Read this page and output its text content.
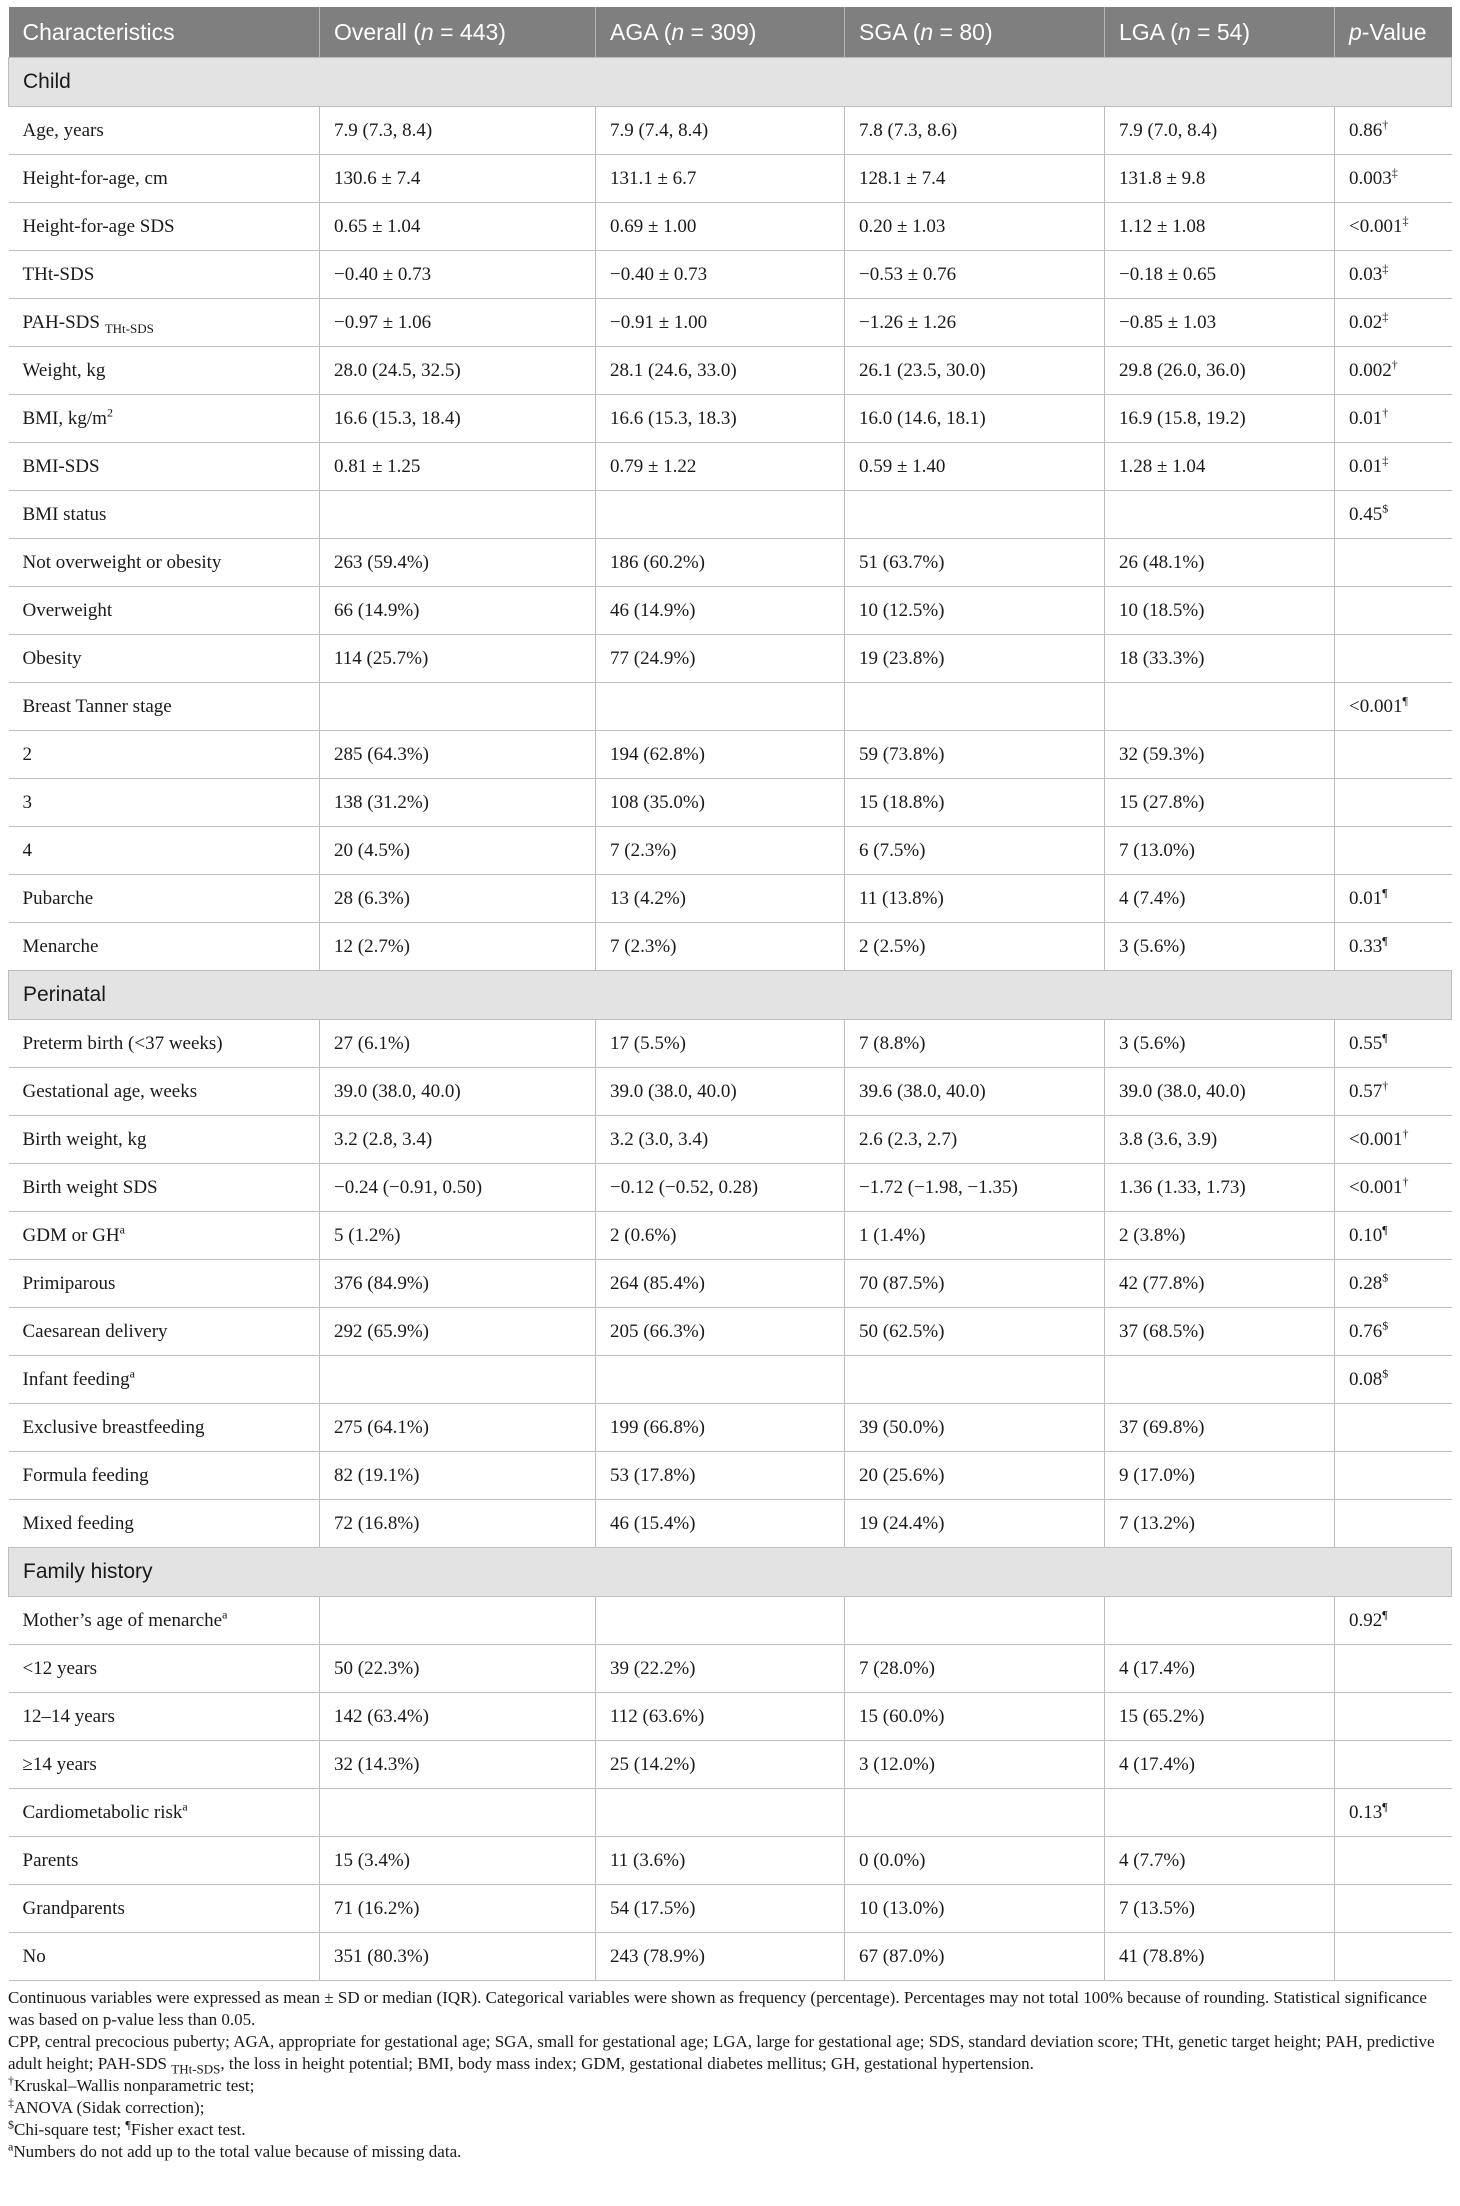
Characteristics	Overall (n = 443)	AGA (n = 309)	SGA (n = 80)	LGA (n = 54)	p-Value
Child					
Age, years	7.9 (7.3, 8.4)	7.9 (7.4, 8.4)	7.8 (7.3, 8.6)	7.9 (7.0, 8.4)	0.86†
Height-for-age, cm	130.6 ± 7.4	131.1 ± 6.7	128.1 ± 7.4	131.8 ± 9.8	0.003‡
Height-for-age SDS	0.65 ± 1.04	0.69 ± 1.00	0.20 ± 1.03	1.12 ± 1.08	<0.001‡
THt-SDS	−0.40 ± 0.73	−0.40 ± 0.73	−0.53 ± 0.76	−0.18 ± 0.65	0.03‡
PAH-SDS $_{THt-SDS}$	−0.97 ± 1.06	−0.91 ± 1.00	−1.26 ± 1.26	−0.85 ± 1.03	0.02‡
Weight, kg	28.0 (24.5, 32.5)	28.1 (24.6, 33.0)	26.1 (23.5, 30.0)	29.8 (26.0, 36.0)	0.002†
BMI, $kg/m^2$	16.6 (15.3, 18.4)	16.6 (15.3, 18.3)	16.0 (14.6, 18.1)	16.9 (15.8, 19.2)	0.01†
BMI-SDS	0.81 ± 1.25	0.79 ± 1.22	0.59 ± 1.40	1.28 ± 1.04	0.01‡
BMI status					0.45$
Not overweight or obesity	263 (59.4%)	186 (60.2%)	51 (63.7%)	26 (48.1%)	
Overweight	66 (14.9%)	46 (14.9%)	10 (12.5%)	10 (18.5%)	
Obesity	114 (25.7%)	77 (24.9%)	19 (23.8%)	18 (33.3%)	
Breast Tanner stage					<0.001¶
2	285 (64.3%)	194 (62.8%)	59 (73.8%)	32 (59.3%)	
3	138 (31.2%)	108 (35.0%)	15 (18.8%)	15 (27.8%)	
4	20 (4.5%)	7 (2.3%)	6 (7.5%)	7 (13.0%)	
Pubarche	28 (6.3%)	13 (4.2%)	11 (13.8%)	4 (7.4%)	0.01¶
Menarche	12 (2.7%)	7 (2.3%)	2 (2.5%)	3 (5.6%)	0.33¶
Perinatal					
Preterm birth (<37 weeks)	27 (6.1%)	17 (5.5%)	7 (8.8%)	3 (5.6%)	0.55¶
Gestational age, weeks	39.0 (38.0, 40.0)	39.0 (38.0, 40.0)	39.6 (38.0, 40.0)	39.0 (38.0, 40.0)	0.57†
Birth weight, kg	3.2 (2.8, 3.4)	3.2 (3.0, 3.4)	2.6 (2.3, 2.7)	3.8 (3.6, 3.9)	<0.001†
Birth weight SDS	−0.24 (−0.91, 0.50)	−0.12 (−0.52, 0.28)	−1.72 (−1.98, −1.35)	1.36 (1.33, 1.73)	<0.001†
GDM or $GH^a$	5 (1.2%)	2 (0.6%)	1 (1.4%)	2 (3.8%)	0.10¶
Primiparous	376 (84.9%)	264 (85.4%)	70 (87.5%)	42 (77.8%)	0.28$
Caesarean delivery	292 (65.9%)	205 (66.3%)	50 (62.5%)	37 (68.5%)	0.76$
Infant feeding$^a$					0.08$
Exclusive breastfeeding	275 (64.1%)	199 (66.8%)	39 (50.0%)	37 (69.8%)	
Formula feeding	82 (19.1%)	53 (17.8%)	20 (25.6%)	9 (17.0%)	
Mixed feeding	72 (16.8%)	46 (15.4%)	19 (24.4%)	7 (13.2%)	
Family history					
Mother’s age of menarche$^a$					0.92¶
<12 years	50 (22.3%)	39 (22.2%)	7 (28.0%)	4 (17.4%)	
12–14 years	142 (63.4%)	112 (63.6%)	15 (60.0%)	15 (65.2%)	
≥14 years	32 (14.3%)	25 (14.2%)	3 (12.0%)	4 (17.4%)	
Cardiometabolic risk$^a$					0.13¶
Parents	15 (3.4%)	11 (3.6%)	0 (0.0%)	4 (7.7%)	
Grandparents	71 (16.2%)	54 (17.5%)	10 (13.0%)	7 (13.5%)	
No	351 (80.3%)	243 (78.9%)	67 (87.0%)	41 (78.8%)	

Continuous variables were expressed as mean ± SD or median (IQR). Categorical variables were shown as frequency (percentage). Percentages may not total 100% because of rounding. Statistical significance was based on p-value less than 0.05.

CPP, central precocious puberty; AGA, appropriate for gestational age; SGA, small for gestational age; LGA, large for gestational age; SDS, standard deviation score; THt, genetic target height; PAH, predictive adult height; PAH-SDS $_{THt-SDS}$, the loss in height potential; BMI, body mass index; GDM, gestational diabetes mellitus; GH, gestational hypertension.

†Kruskal–Wallis nonparametric test;

‡ANOVA (Sidak correction);

$Chi-square test; ¶Fisher exact test.

$^a$Numbers do not add up to the total value because of missing data.
